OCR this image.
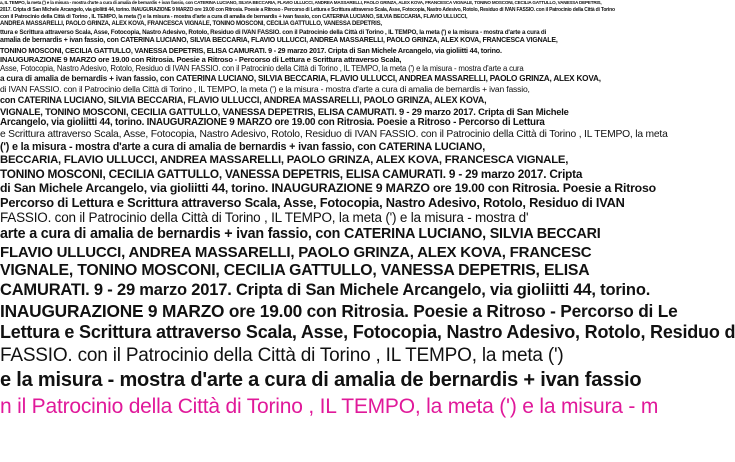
a, IL TEMPO, la meta (') e la misura - mostra d'arte a cura di amalia de bernardis + ivan fassio, con CATERINA LUCIANO, SILVIA BECCARIA, FLAVIO ULLUCCI, ANDREA MASSARELLI, PAOLO GRINZA, ALEX KOVA, FRANCESCA VIGNALE, TONINO MOSCONI, CECILIA GATTULLO, VANESSA DEPETRIS,
2017. Cripta di San Michele Arcangelo, via gioliitti 44, torino. INAUGURAZIONE 9 MARZO ore 19.00 con Ritrosia. Poesie a Ritroso - Percorso di Lettura e Scrittura attraverso Scala, Asse, Fotocopia, Nastro Adesivo, Rotolo, Residuo di IVAN FASSIO. con il Patrocinio della Città di Torino
con il Patrocinio della Città di Torino , IL TEMPO, la meta (') e la misura - mostra d'arte a cura di amalia de bernardis + ivan fassio, con CATERINA LUCIANO, SILVIA BECCARIA, FLAVIO ULLUCCI,
ANDREA MASSARELLI, PAOLO GRINZA, ALEX KOVA, FRANCESCA VIGNALE, TONINO MOSCONI, CECILIA GATTULLO, VANESSA DEPETRIS,
ttura e Scrittura attraverso Scala, Asse, Fotocopia, Nastro Adesivo, Rotolo, Residuo di IVAN FASSIO. con il Patrocinio della Città di Torino , IL TEMPO, la meta (') e la misura - mostra d'arte a cura di
amalia de bernardis + ivan fassio, con CATERINA LUCIANO, SILVIA BECCARIA, FLAVIO ULLUCCI, ANDREA MASSARELLI, PAOLO GRINZA, ALEX KOVA, FRANCESCA VIGNALE,
TONINO MOSCONI, CECILIA GATTULLO, VANESSA DEPETRIS, ELISA CAMURATI. 9 - 29 marzo 2017. Cripta di San Michele Arcangelo, via gioliitti 44, torino.
INAUGURAZIONE 9 MARZO ore 19.00 con Ritrosia. Poesie a Ritroso - Percorso di Lettura e Scrittura attraverso Scala,
Asse, Fotocopia, Nastro Adesivo, Rotolo, Residuo di IVAN FASSIO. con il Patrocinio della Città di Torino , IL TEMPO, la meta (') e la misura - mostra d'arte a cura
a cura di amalia de bernardis + ivan fassio, con CATERINA LUCIANO, SILVIA BECCARIA, FLAVIO ULLUCCI, ANDREA MASSARELLI, PAOLO GRINZA, ALEX KOVA,
di IVAN FASSIO. con il Patrocinio della Città di Torino , IL TEMPO, la meta (') e la misura - mostra d'arte a cura di amalia de bernardis + ivan fassio,
con CATERINA LUCIANO, SILVIA BECCARIA, FLAVIO ULLUCCI, ANDREA MASSARELLI, PAOLO GRINZA, ALEX KOVA,
VIGNALE, TONINO MOSCONI, CECILIA GATTULLO, VANESSA DEPETRIS, ELISA CAMURATI. 9 - 29 marzo 2017. Cripta di San Michele
Arcangelo, via gioliitti 44, torino. INAUGURAZIONE 9 MARZO ore 19.00 con Ritrosia. Poesie a Ritroso - Percorso di Lettura
e Scrittura attraverso Scala, Asse, Fotocopia, Nastro Adesivo, Rotolo, Residuo di IVAN FASSIO. con il Patrocinio della Città di Torino , IL TEMPO, la meta
(') e la misura - mostra d'arte a cura di amalia de bernardis + ivan fassio, con CATERINA LUCIANO,
BECCARIA, FLAVIO ULLUCCI, ANDREA MASSARELLI, PAOLO GRINZA, ALEX KOVA, FRANCESCA VIGNALE,
TONINO MOSCONI, CECILIA GATTULLO, VANESSA DEPETRIS, ELISA CAMURATI. 9 - 29 marzo 2017. Cripta
di San Michele Arcangelo, via gioliitti 44, torino. INAUGURAZIONE 9 MARZO ore 19.00 con Ritrosia. Poesie a Ritroso
Percorso di Lettura e Scrittura attraverso Scala, Asse, Fotocopia, Nastro Adesivo, Rotolo, Residuo di IVAN
FASSIO. con il Patrocinio della Città di Torino , IL TEMPO, la meta (') e la misura - mostra d'
arte a cura di amalia de bernardis + ivan fassio, con CATERINA LUCIANO, SILVIA BECCARI
FLAVIO ULLUCCI, ANDREA MASSARELLI, PAOLO GRINZA, ALEX KOVA, FRANCESC
VIGNALE, TONINO MOSCONI, CECILIA GATTULLO, VANESSA DEPETRIS, ELISA
CAMURATI. 9 - 29 marzo 2017. Cripta di San Michele Arcangelo, via gioliitti 44, torino.
INAUGURAZIONE 9 MARZO ore 19.00 con Ritrosia. Poesie a Ritroso - Percorso di Le
Lettura e Scrittura attraverso Scala, Asse, Fotocopia, Nastro Adesivo, Rotolo, Residuo d
FASSIO. con il Patrocinio della Città di Torino , IL TEMPO, la meta (')
e la misura - mostra d'arte a cura di amalia de bernardis + ivan fassio
n il Patrocinio della Città di Torino , IL TEMPO, la meta (') e la misura - m
